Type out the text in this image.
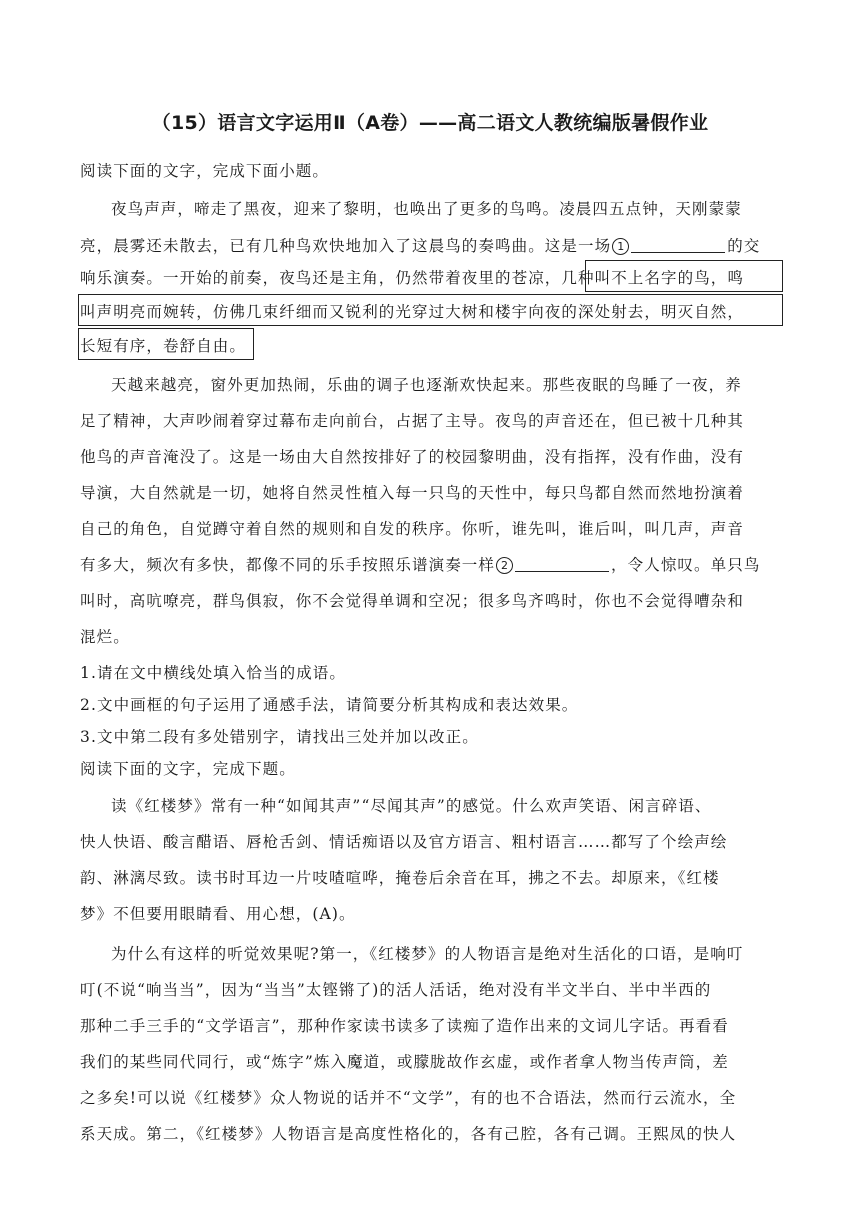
（15）语言文字运用Ⅱ（A卷）——高二语文人教统编版暑假作业
阅读下面的文字，完成下面小题。
夜鸟声声，啼走了黑夜，迎来了黎明，也唤出了更多的鸟鸣。凌晨四五点钟，天刚蒙蒙
亮，晨雾还未散去，已有几种鸟欢快地加入了这晨鸟的奏鸣曲。这是一场 1	的交
响乐演奏。一开始的前奏，夜鸟还是主角，仍然带着夜里的苍凉，几种叫不上名字的鸟，鸣
叫声明亮而婉转，仿佛几束纤细而又锐利的光穿过大树和楼宇向夜的深处射去，明灭自然，
长短有序，卷舒自由。
天越来越亮，窗外更加热闹，乐曲的调子也逐渐欢快起来。那些夜眠的鸟睡了一夜，养
足了精神，大声吵闹着穿过幕布走向前台，占据了主导。夜鸟的声音还在，但已被十几种其
他鸟的声音淹没了。这是一场由大自然按排好了的校园黎明曲，没有指挥，没有作曲，没有
导演，大自然就是一切，她将自然灵性植入每一只鸟的天性中，每只鸟都自然而然地扮演着
自己的角色，自觉蹲守着自然的规则和自发的秩序。你听，谁先叫，谁后叫，叫几声，声音
有多大，频次有多快，都像不同的乐手按照乐谱演奏一样 2	，令人惊叹。单只鸟
叫时，高吭嘹亮，群鸟俱寂，你不会觉得单调和空况；很多鸟齐鸣时，你也不会觉得嘈杂和
混烂。
1.请在文中横线处填入恰当的成语。
2.文中画框的句子运用了通感手法，请简要分析其构成和表达效果。
3.文中第二段有多处错别字，请找出三处并加以改正。
阅读下面的文字，完成下题。
读《红楼梦》常有一种“如闻其声”“尽闻其声”的感觉。什么欢声笑语、闲言碎语、
快人快语、酸言醋语、唇枪舌剑、情话痴语以及官方语言、粗村语言……都写了个绘声绘
韵、淋漓尽致。读书时耳边一片吱喳喧哗，掩卷后余音在耳，拂之不去。却原来，《红楼
梦》不但要用眼睛看、用心想，(A)。
为什么有这样的听觉效果呢?第一，《红楼梦》的人物语言是绝对生活化的口语，是响叮
叮(不说“响当当”，因为“当当”太铿锵了)的活人活话，绝对没有半文半白、半中半西的
那种二手三手的“文学语言”，那种作家读书读多了读痴了造作出来的文词儿字话。再看看
我们的某些同代同行，或“炼字”炼入魔道，或朦胧故作玄虚，或作者拿人物当传声筒，差
之多矣!可以说《红楼梦》众人物说的话并不“文学”，有的也不合语法，然而行云流水，全
系天成。第二，《红楼梦》人物语言是高度性格化的，各有己腔，各有己调。王熙凤的快人
